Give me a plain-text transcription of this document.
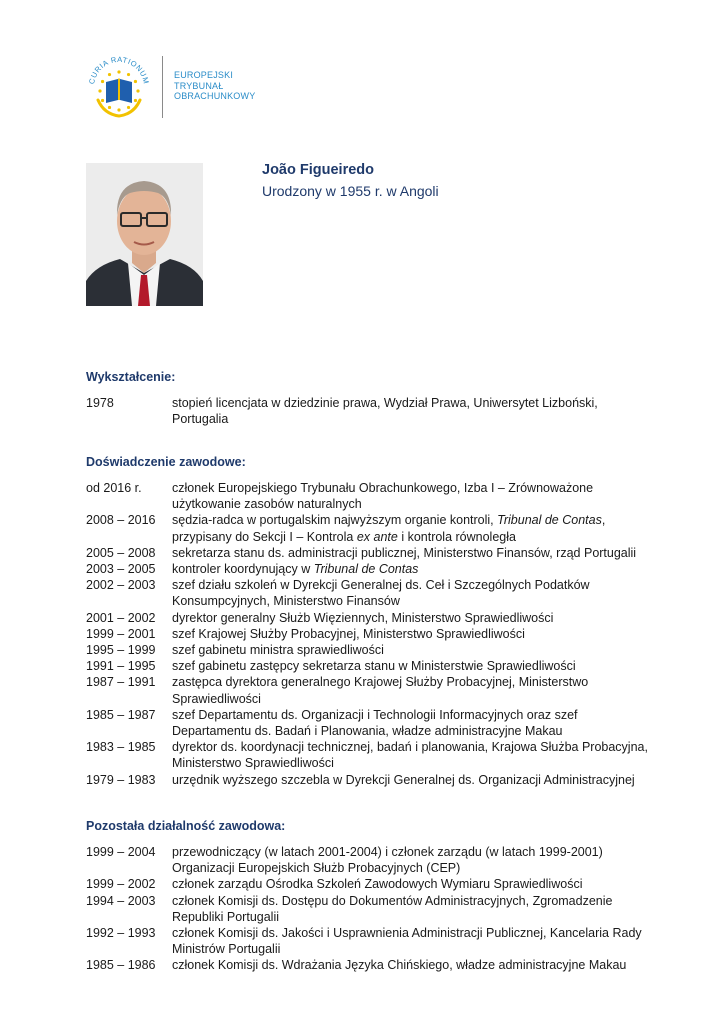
CURIA RATIONUM
EUROPEJSKI
TRYBUNAŁ
OBRACHUNKOWY
João Figueiredo
Urodzony w 1955 r. w Angoli
Wykształcenie:
1978	stopień licencjata w dziedzinie prawa, Wydział Prawa, Uniwersytet Lizboński, Portugalia
Doświadczenie zawodowe:
od 2016 r.	członek Europejskiego Trybunału Obrachunkowego, Izba I – Zrównoważone użytkowanie zasobów naturalnych
2008 – 2016	sędzia-radca w portugalskim najwyższym organie kontroli, Tribunal de Contas, przypisany do Sekcji I – Kontrola ex ante i kontrola równoległa
2005 – 2008	sekretarza stanu ds. administracji publicznej, Ministerstwo Finansów, rząd Portugalii
2003 – 2005	kontroler koordynujący w Tribunal de Contas
2002 – 2003	szef działu szkoleń w Dyrekcji Generalnej ds. Ceł i Szczególnych Podatków Konsumpcyjnych, Ministerstwo Finansów
2001 – 2002	dyrektor generalny Służb Więziennych, Ministerstwo Sprawiedliwości
1999 – 2001	szef Krajowej Służby Probacyjnej, Ministerstwo Sprawiedliwości
1995 – 1999	szef gabinetu ministra sprawiedliwości
1991 – 1995	szef gabinetu zastępcy sekretarza stanu w Ministerstwie Sprawiedliwości
1987 – 1991	zastępca dyrektora generalnego Krajowej Służby Probacyjnej, Ministerstwo Sprawiedliwości
1985 – 1987	szef Departamentu ds. Organizacji i Technologii Informacyjnych oraz szef Departamentu ds. Badań i Planowania, władze administracyjne Makau
1983 – 1985	dyrektor ds. koordynacji technicznej, badań i planowania, Krajowa Służba Probacyjna, Ministerstwo Sprawiedliwości
1979 – 1983	urzędnik wyższego szczebla w Dyrekcji Generalnej ds. Organizacji Administracyjnej
Pozostała działalność zawodowa:
1999 – 2004	przewodniczący (w latach 2001-2004) i członek zarządu (w latach 1999-2001) Organizacji Europejskich Służb Probacyjnych (CEP)
1999 – 2002	członek zarządu Ośrodka Szkoleń Zawodowych Wymiaru Sprawiedliwości
1994 – 2003	członek Komisji ds. Dostępu do Dokumentów Administracyjnych, Zgromadzenie Republiki Portugalii
1992 – 1993	członek Komisji ds. Jakości i Usprawnienia Administracji Publicznej, Kancelaria Rady Ministrów Portugalii
1985 – 1986	członek Komisji ds. Wdrażania Języka Chińskiego, władze administracyjne Makau
